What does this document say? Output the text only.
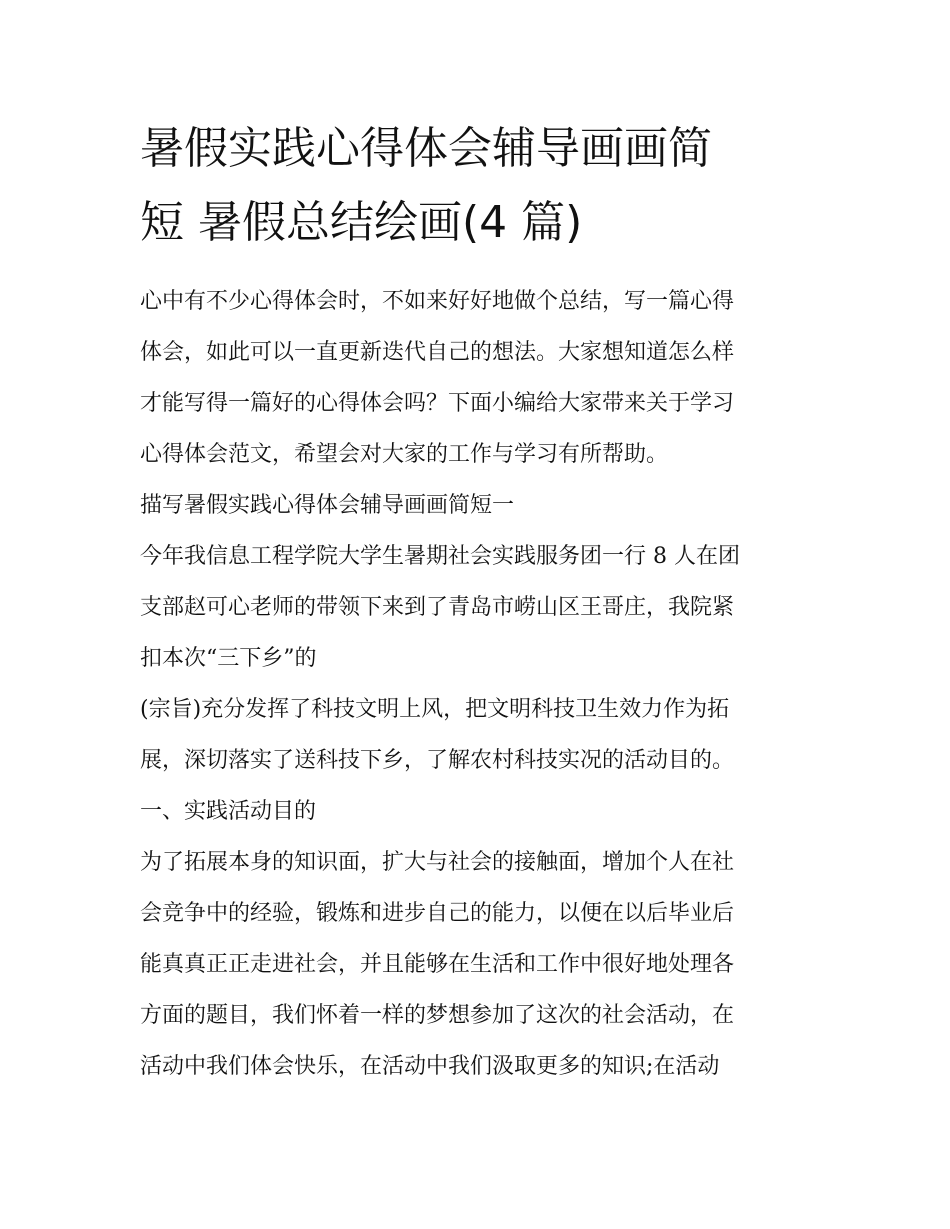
暑假实践心得体会辅导画画简
短 暑假总结绘画(4 篇)
心中有不少心得体会时，不如来好好地做个总结，写一篇心得
体会，如此可以一直更新迭代自己的想法。大家想知道怎么样
才能写得一篇好的心得体会吗？下面小编给大家带来关于学习
心得体会范文，希望会对大家的工作与学习有所帮助。
描写暑假实践心得体会辅导画画简短一
今年我信息工程学院大学生暑期社会实践服务团一行 8 人在团
支部赵可心老师的带领下来到了青岛市崂山区王哥庄，我院紧
扣本次“三下乡”的
(宗旨)充分发挥了科技文明上风，把文明科技卫生效力作为拓
展，深切落实了送科技下乡，了解农村科技实况的活动目的。
一、实践活动目的
为了拓展本身的知识面，扩大与社会的接触面，增加个人在社
会竞争中的经验，锻炼和进步自己的能力，以便在以后毕业后
能真真正正走进社会，并且能够在生活和工作中很好地处理各
方面的题目，我们怀着一样的梦想参加了这次的社会活动，在
活动中我们体会快乐，在活动中我们汲取更多的知识;在活动
